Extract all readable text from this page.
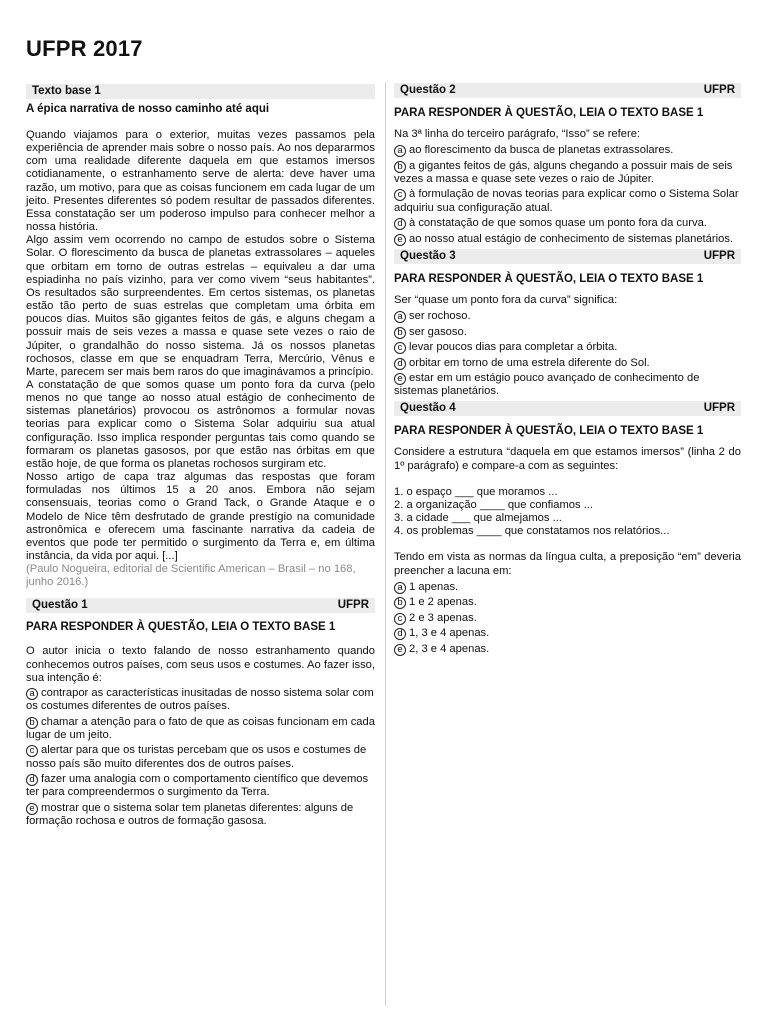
UFPR 2017
Texto base 1

A épica narrativa de nosso caminho até aqui

Quando viajamos para o exterior, muitas vezes passamos pela experiência de aprender mais sobre o nosso país. Ao nos depararmos com uma realidade diferente daquela em que estamos imersos cotidianamente, o estranhamento serve de alerta: deve haver uma razão, um motivo, para que as coisas funcionem em cada lugar de um jeito. Presentes diferentes só podem resultar de passados diferentes. Essa constatação ser um poderoso impulso para conhecer melhor a nossa história.

Algo assim vem ocorrendo no campo de estudos sobre o Sistema Solar. O florescimento da busca de planetas extrassolares – aqueles que orbitam em torno de outras estrelas – equivaleu a dar uma espiadinha no país vizinho, para ver como vivem “seus habitantes”. Os resultados são surpreendentes. Em certos sistemas, os planetas estão tão perto de suas estrelas que completam uma órbita em poucos dias. Muitos são gigantes feitos de gás, e alguns chegam a possuir mais de seis vezes a massa e quase sete vezes o raio de Júpiter, o grandalhão do nosso sistema. Já os nossos planetas rochosos, classe em que se enquadram Terra, Mercúrio, Vênus e Marte, parecem ser mais bem raros do que imaginávamos a princípio.

A constatação de que somos quase um ponto fora da curva (pelo menos no que tange ao nosso atual estágio de conhecimento de sistemas planetários) provocou os astrônomos a formular novas teorias para explicar como o Sistema Solar adquiriu sua atual configuração. Isso implica responder perguntas tais como quando se formaram os planetas gasosos, por que estão nas órbitas em que estão hoje, de que forma os planetas rochosos surgiram etc.

Nosso artigo de capa traz algumas das respostas que foram formuladas nos últimos 15 a 20 anos. Embora não sejam consensuais, teorias como o Grand Tack, o Grande Ataque e o Modelo de Nice têm desfrutado de grande prestígio na comunidade astronômica e oferecem uma fascinante narrativa da cadeia de eventos que pode ter permitido o surgimento da Terra e, em última instância, da vida por aqui. [...]

(Paulo Nogueira, editorial de Scientific American – Brasil – no 168, junho 2016.)

Questão 1	UFPR

PARA RESPONDER À QUESTÃO, LEIA O TEXTO BASE 1

O autor inicia o texto falando de nosso estranhamento quando conhecemos outros países, com seus usos e costumes. Ao fazer isso, sua intenção é:

a contrapor as características inusitadas de nosso sistema solar com os costumes diferentes de outros países.

b chamar a atenção para o fato de que as coisas funcionam em cada lugar de um jeito.

c alertar para que os turistas percebam que os usos e costumes de nosso país são muito diferentes dos de outros países.

d fazer uma analogia com o comportamento científico que devemos ter para compreendermos o surgimento da Terra.

e mostrar que o sistema solar tem planetas diferentes: alguns de formação rochosa e outros de formação gasosa.

Questão 2	UFPR

PARA RESPONDER À QUESTÃO, LEIA O TEXTO BASE 1

Na 3ª linha do terceiro parágrafo, “Isso” se refere:

a ao florescimento da busca de planetas extrassolares.

b a gigantes feitos de gás, alguns chegando a possuir mais de seis vezes a massa e quase sete vezes o raio de Júpiter.

c à formulação de novas teorias para explicar como o Sistema Solar adquiriu sua configuração atual.

d à constatação de que somos quase um ponto fora da curva.

e ao nosso atual estágio de conhecimento de sistemas planetários.

Questão 3	UFPR

PARA RESPONDER À QUESTÃO, LEIA O TEXTO BASE 1

Ser “quase um ponto fora da curva” significa:

a ser rochoso.

b ser gasoso.

c levar poucos dias para completar a órbita.

d orbitar em torno de uma estrela diferente do Sol.

e estar em um estágio pouco avançado de conhecimento de sistemas planetários.

Questão 4	UFPR

PARA RESPONDER À QUESTÃO, LEIA O TEXTO BASE 1

Considere a estrutura “daquela em que estamos imersos” (linha 2 do 1º parágrafo) e compare-a com as seguintes:

1. o espaço ___ que moramos ...

2. a organização ____ que confiamos ...

3. a cidade ___ que almejamos ...

4. os problemas ____ que constatamos nos relatórios...

Tendo em vista as normas da língua culta, a preposição “em” deveria preencher a lacuna em:

a 1 apenas.

b 1 e 2 apenas.

c 2 e 3 apenas.

d 1, 3 e 4 apenas.

e 2, 3 e 4 apenas.
